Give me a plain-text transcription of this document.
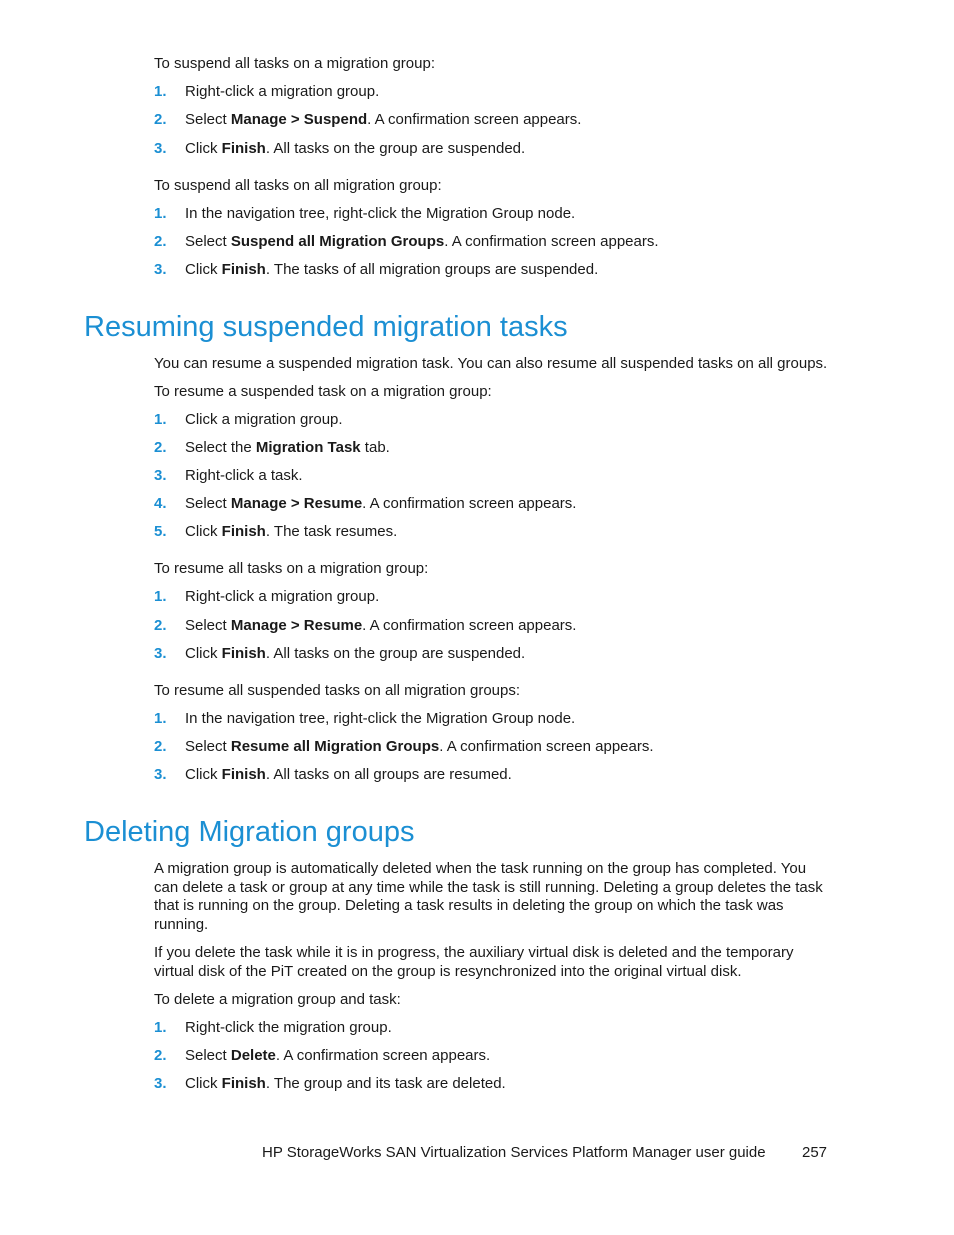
To suspend all tasks on a migration group:
1. Right-click a migration group.
2. Select Manage > Suspend. A confirmation screen appears.
3. Click Finish. All tasks on the group are suspended.
To suspend all tasks on all migration group:
1. In the navigation tree, right-click the Migration Group node.
2. Select Suspend all Migration Groups. A confirmation screen appears.
3. Click Finish. The tasks of all migration groups are suspended.
Resuming suspended migration tasks
You can resume a suspended migration task. You can also resume all suspended tasks on all groups.
To resume a suspended task on a migration group:
1. Click a migration group.
2. Select the Migration Task tab.
3. Right-click a task.
4. Select Manage > Resume. A confirmation screen appears.
5. Click Finish. The task resumes.
To resume all tasks on a migration group:
1. Right-click a migration group.
2. Select Manage > Resume. A confirmation screen appears.
3. Click Finish. All tasks on the group are suspended.
To resume all suspended tasks on all migration groups:
1. In the navigation tree, right-click the Migration Group node.
2. Select Resume all Migration Groups. A confirmation screen appears.
3. Click Finish. All tasks on all groups are resumed.
Deleting Migration groups
A migration group is automatically deleted when the task running on the group has completed. You can delete a task or group at any time while the task is still running. Deleting a group deletes the task that is running on the group. Deleting a task results in deleting the group on which the task was running.
If you delete the task while it is in progress, the auxiliary virtual disk is deleted and the temporary virtual disk of the PiT created on the group is resynchronized into the original virtual disk.
To delete a migration group and task:
1. Right-click the migration group.
2. Select Delete. A confirmation screen appears.
3. Click Finish. The group and its task are deleted.
HP StorageWorks SAN Virtualization Services Platform Manager user guide 257
